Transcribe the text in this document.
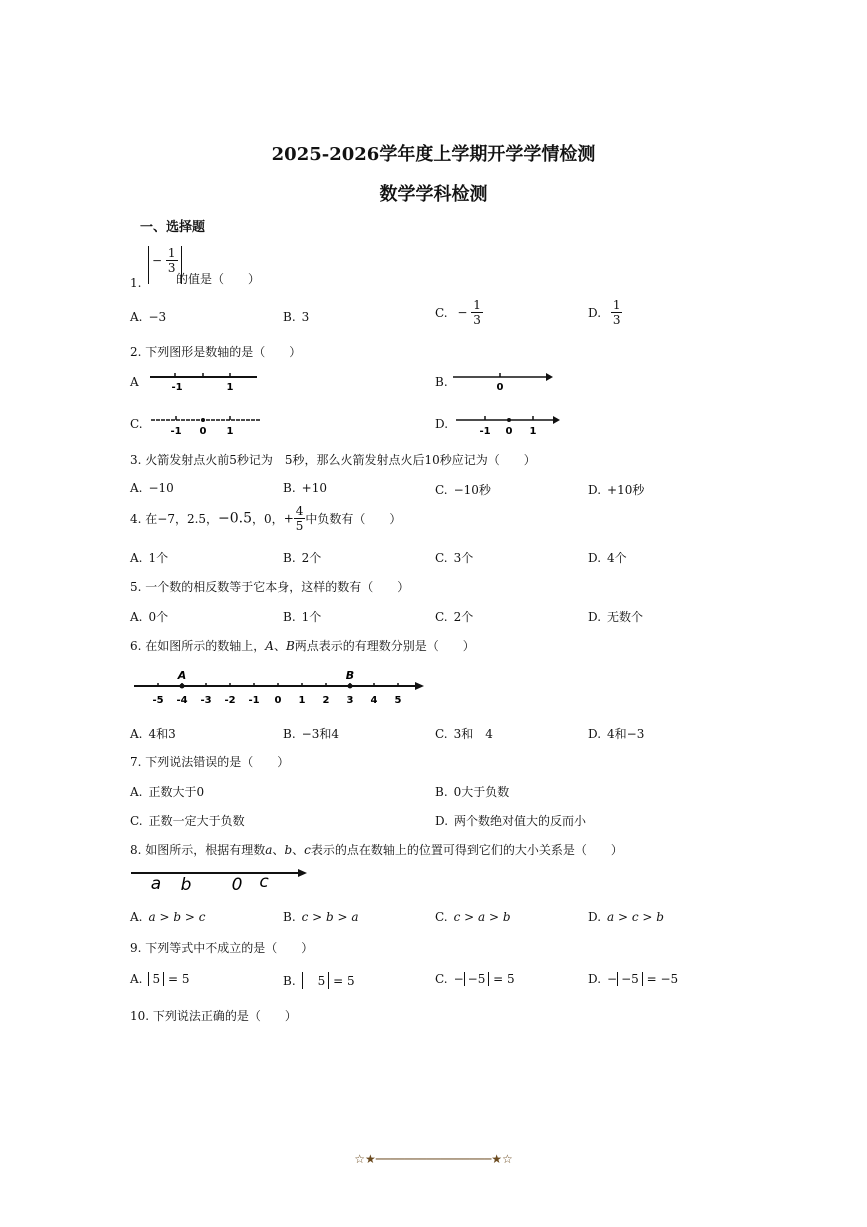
2025-2026学年度上学期开学学情检测
数学学科检测
一、选择题
1.
− $\frac{1}{3}$
的值是（　　）
A. −3	B. 3	C. − $\frac{1}{3}$	D. $\frac{1}{3}$
2. 下列图形是数轴的是（　　）
A	-1	1	B.	0
C.
-1 0 1
D.
-1 0 1
3. 火箭发射点火前5秒记为　5秒，那么火箭发射点火后10秒应记为（　　）
A. −10	B. +10	C. −10秒	D. +10秒
4. 在−7，2.5，−0.5，0，+ $\frac{4}{5}$ 中负数有（　　）
A. 1个	B. 2个	C. 3个	D. 4个
5. 一个数的相反数等于它本身，这样的数有（　　）
A. 0个	B. 1个	C. 2个	D. 无数个
6. 在如图所示的数轴上，A、B两点表示的有理数分别是（　　）
-5 -4 -3 -2 -1 0 1 2 3 4 5
A	B
A. 4和3	B. −3和4	C. 3和　4	D. 4和−3
7. 下列说法错误的是（　　）
A. 正数大于0	B. 0大于负数
C. 正数一定大于负数	D. 两个数绝对值大的反而小
8. 如图所示，根据有理数a、b、c表示的点在数轴上的位置可得到它们的大小关系是（　　）
a b 0 c
A. a > b > c	B. c > b > a	C. c > a > b	D. a > c > b
9. 下列等式中不成立的是（　　）
A. 5 = 5	B.　5 = 5	C. − −5 = 5	D. − −5 = −5
10. 下列说法正确的是（　　）
☆★────────────────★☆
